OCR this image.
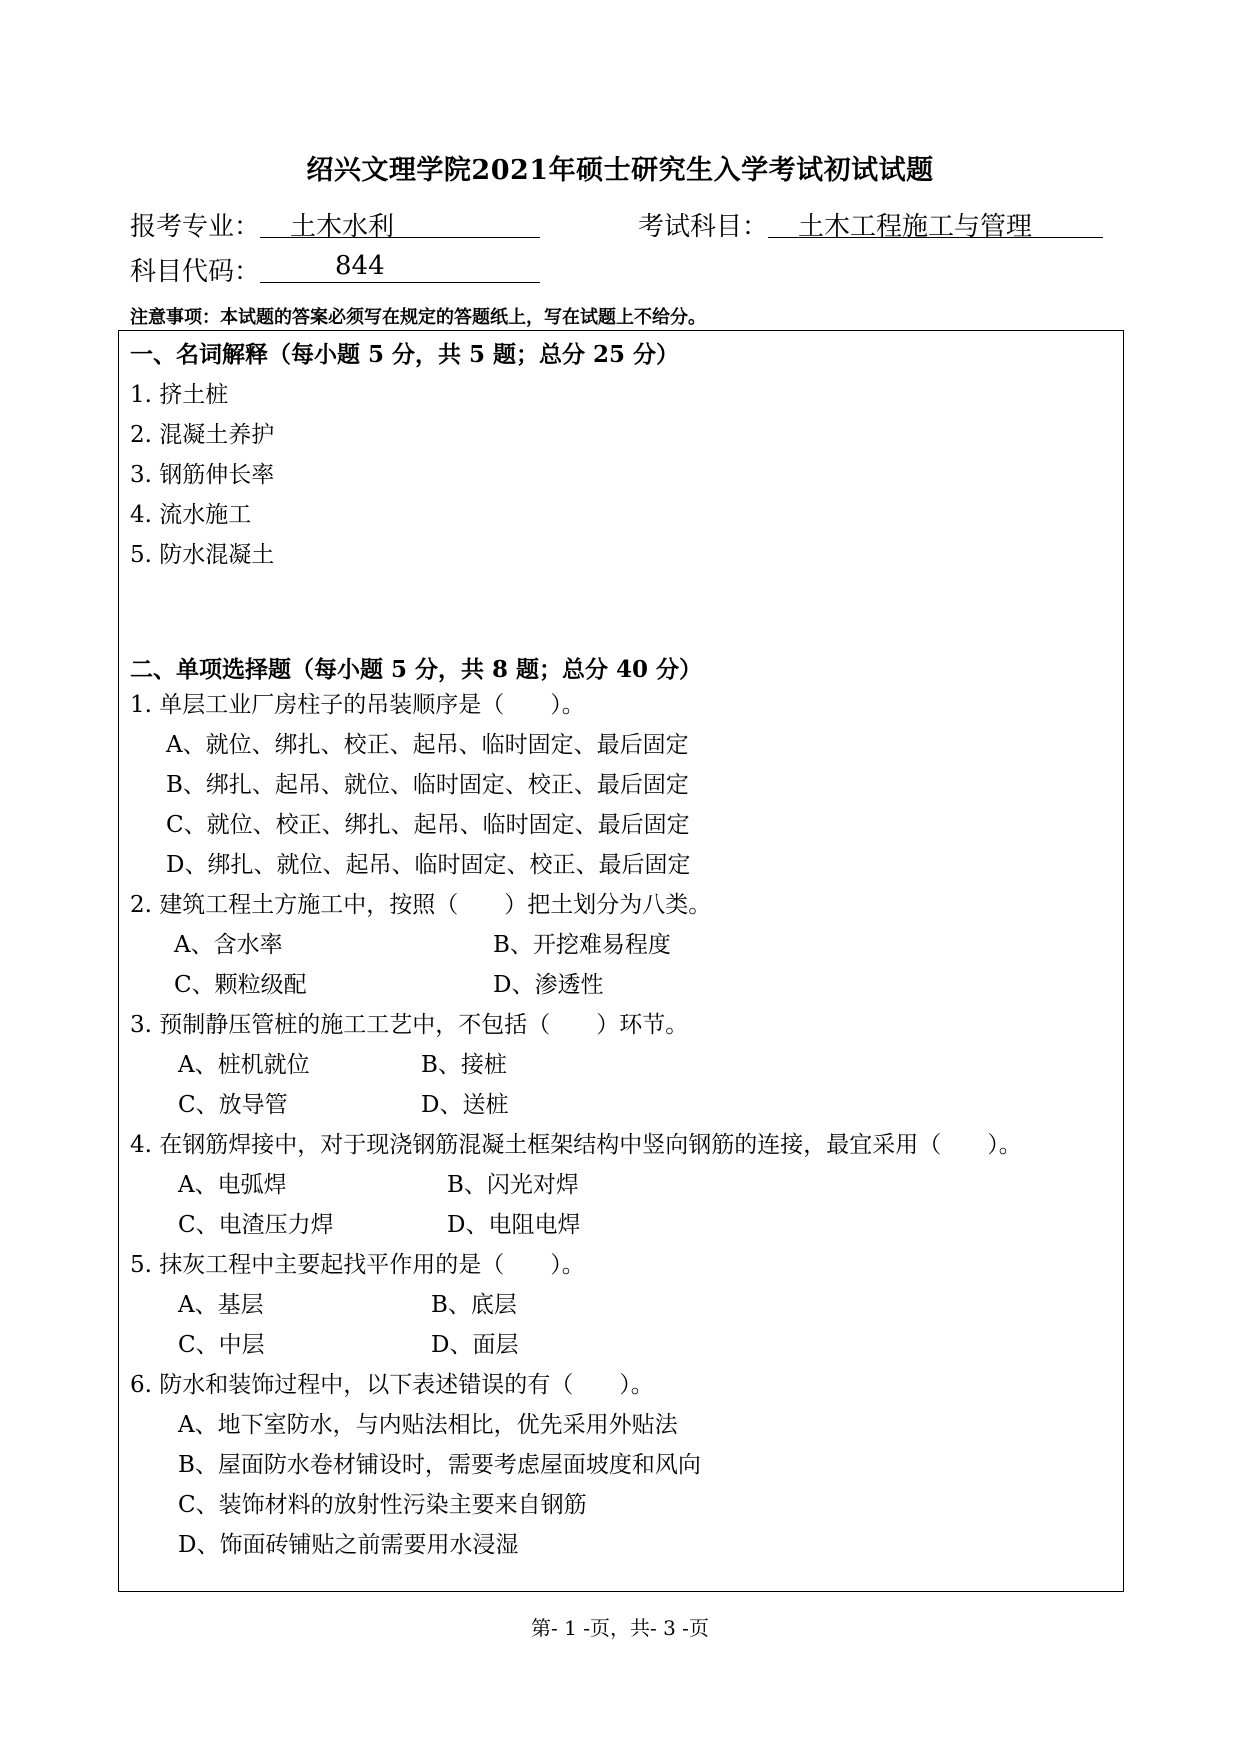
绍兴文理学院2021年硕士研究生入学考试初试试题
报考专业： 土木水利	考试科目： 土木工程施工与管理
科目代码：	844
注意事项：本试题的答案必须写在规定的答题纸上，写在试题上不给分。
一、名词解释（每小题 5 分，共 5 题；总分 25 分）
1. 挤土桩
2. 混凝土养护
3. 钢筋伸长率
4. 流水施工
5. 防水混凝土
二、单项选择题（每小题 5 分，共 8 题；总分 40 分）
1. 单层工业厂房柱子的吊装顺序是（　　）。
A、就位、绑扎、校正、起吊、临时固定、最后固定
B、绑扎、起吊、就位、临时固定、校正、最后固定
C、就位、校正、绑扎、起吊、临时固定、最后固定
D、绑扎、就位、起吊、临时固定、校正、最后固定
2. 建筑工程土方施工中，按照（　　）把土划分为八类。
A、含水率	B、开挖难易程度
C、颗粒级配	D、渗透性
3. 预制静压管桩的施工工艺中，不包括（　　）环节。
A、桩机就位	B、接桩
C、放导管	D、送桩
4. 在钢筋焊接中，对于现浇钢筋混凝土框架结构中竖向钢筋的连接，最宜采用（　　）。
A、电弧焊	B、闪光对焊
C、电渣压力焊	D、电阻电焊
5. 抹灰工程中主要起找平作用的是（　　）。
A、基层	B、底层
C、中层	D、面层
6. 防水和装饰过程中，以下表述错误的有（　　）。
A、地下室防水，与内贴法相比，优先采用外贴法
B、屋面防水卷材铺设时，需要考虑屋面坡度和风向
C、装饰材料的放射性污染主要来自钢筋
D、饰面砖铺贴之前需要用水浸湿
第- 1 -页，共- 3 -页
